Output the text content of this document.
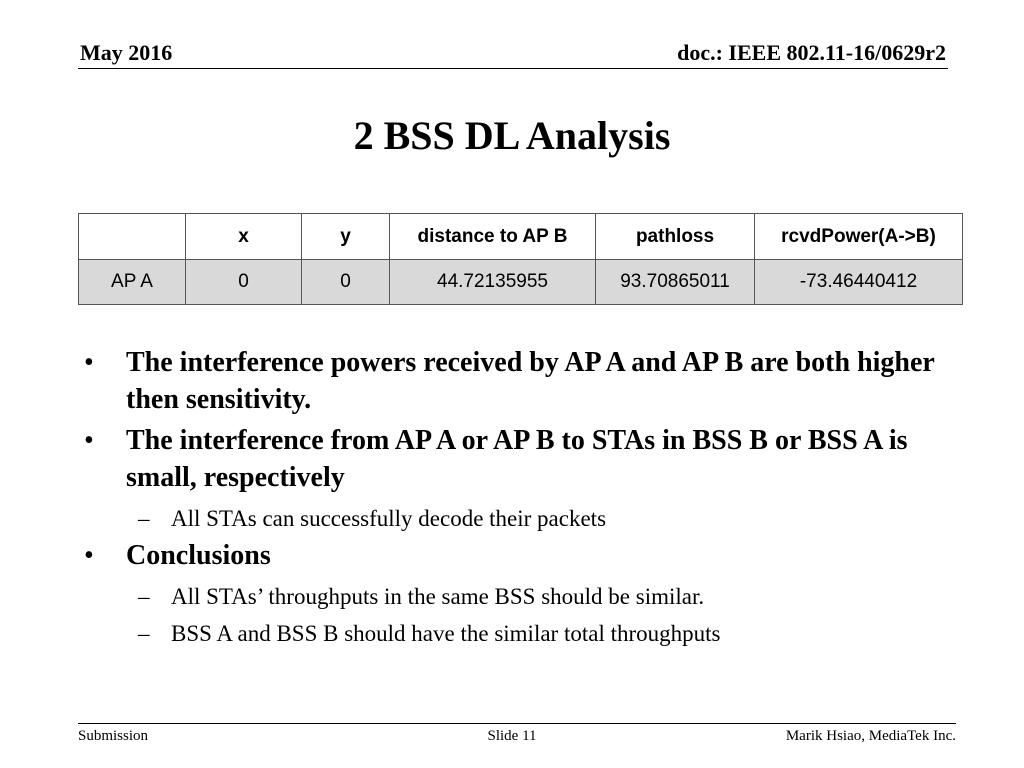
May 2016	doc.: IEEE 802.11-16/0629r2
2 BSS DL Analysis
	x	y	distance to AP B	pathloss	rcvdPower(A->B)
AP A	0	0	44.72135955	93.70865011	-73.46440412
• The interference powers received by AP A and AP B are both higher then sensitivity.
• The interference from AP A or AP B to STAs in BSS B or BSS A is small, respectively
– All STAs can successfully decode their packets
• Conclusions
– All STAs’ throughputs in the same BSS should be similar.
– BSS A and BSS B should have the similar total throughputs
Submission	Slide 11	Marik Hsiao, MediaTek Inc.
